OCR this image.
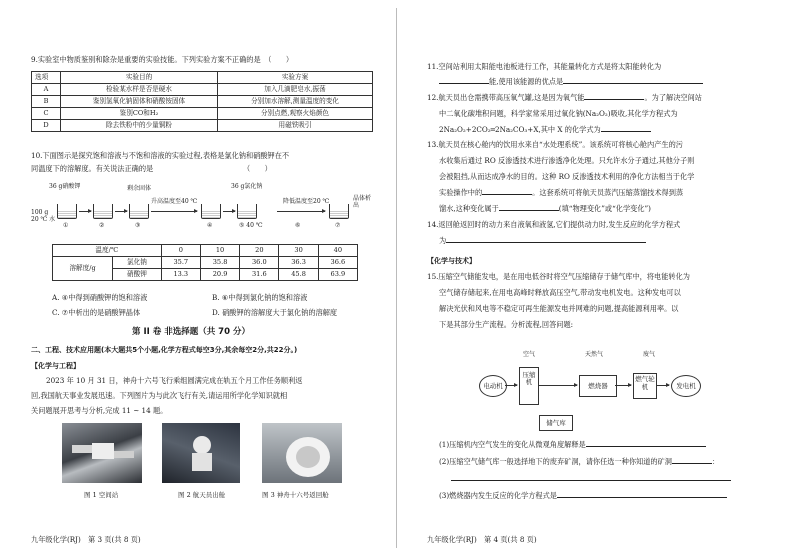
9.实验室中物质鉴别和除杂是重要的实验技能。下列实验方案不正确的是　（　　）
选项	实验目的	实验方案
A	检验某水样是否是硬水	加入几滴肥皂水,振荡
B	鉴别氢氧化钠固体和硝酸铵固体	分别加水溶解,测量温度的变化
C	鉴别CO和H₂	分别点燃,观察火焰颜色
D	除去铁粉中的少量铜粉	用磁铁吸引
10.下面图示是探究饱和溶液与不饱和溶液的实验过程,表格是氯化钠和硝酸钾在不
同温度下的溶解度。有关说法正确的是　　　　　　　　　　　　　（　　）
36 g硝酸钾	剩余固体
100 g 20 ℃ 水
升高温度至40 ℃
36 g氯化钠
降低温度至20 ℃	晶体析出
①	②	③	④	⑤ 40 ℃	⑥	⑦
温度/℃		0	10	20	30	40
溶解度/g	氯化钠	35.7	35.8	36.0	36.3	36.6
	硝酸钾	13.3	20.9	31.6	45.8	63.9
A. ④中得到硝酸钾的饱和溶液	B. ⑥中得到氯化钠的饱和溶液
C. ⑦中析出的是硝酸钾晶体	D. 硝酸钾的溶解度大于氯化钠的溶解度
第 II 卷 非选择题（共 70 分）
二、工程、技术应用题(本大题共5个小题,化学方程式每空3分,其余每空2分,共22分。)
【化学与工程】
2023 年 10 月 31 日，神舟十六号飞行乘组圆满完成在轨五个月工作任务顺利返
回,我国航天事业发展迅速。下列图片为与此次飞行有关,请运用所学化学知识就相
关问题展开思考与分析,完成 11 ~ 14 题。
图 1 空间站	图 2 航天员出舱	图 3 神舟十六号返回舱
九年级化学(RJ)　第 3 页(共 8 页)
11.空间站利用太阳能电池板进行工作，其能量转化方式是将太阳能转化为
能,使用该能源的优点是
12.航天员出仓需携带高压氧气罐,这是因为氧气能	。为了解决空间站
中二氧化碳堆积问题，科学家常采用过氧化钠(Na₂O₂)吸收,其化学方程式为
2Na₂O₂+2CO₂═2Na₂CO₃+X,其中 X 的化学式为
13.航天员在核心舱内的饮用水来自“水处理系统”。该系统可将核心舱内产生的污
水收集后通过 RO 反渗透技术进行渗透净化处理。只允许水分子通过,其他分子则
会被阻挡,从而达成净水的目的。这种 RO 反渗透技术利用的净化方法相当于化学
实验操作中的	。这套系统可将航天员蒸汽压缩蒸馏技术得到蒸
馏水,这种变化属于	(填“物理变化”或“化学变化”)
14.返回舱返回时的动力来自液氧和液氢,它们提供动力时,发生反应的化学方程式
为
【化学与技术】
15.压缩空气储能发电，是在用电低谷时将空气压缩储存于储气库中，将电能转化为
空气储存储起来,在用电高峰时释放高压空气,带动发电机发电。这种发电可以
解决光伏和风电等不稳定可再生能源发电并网难的问题,提高能源利用率。以
下是其部分生产流程。分析流程,回答问题:
电动机
空气
压缩机
天然气
燃烧器
废气
燃气轮机	发电机
储气库
(1)压缩机内空气发生的变化从微观角度解释是
(2)压缩空气储气库一般选择地下的废弃矿洞，请你任选一种你知道的矿洞	：
(3)燃烧器内发生反应的化学方程式是
九年级化学(RJ)　第 4 页(共 8 页)
